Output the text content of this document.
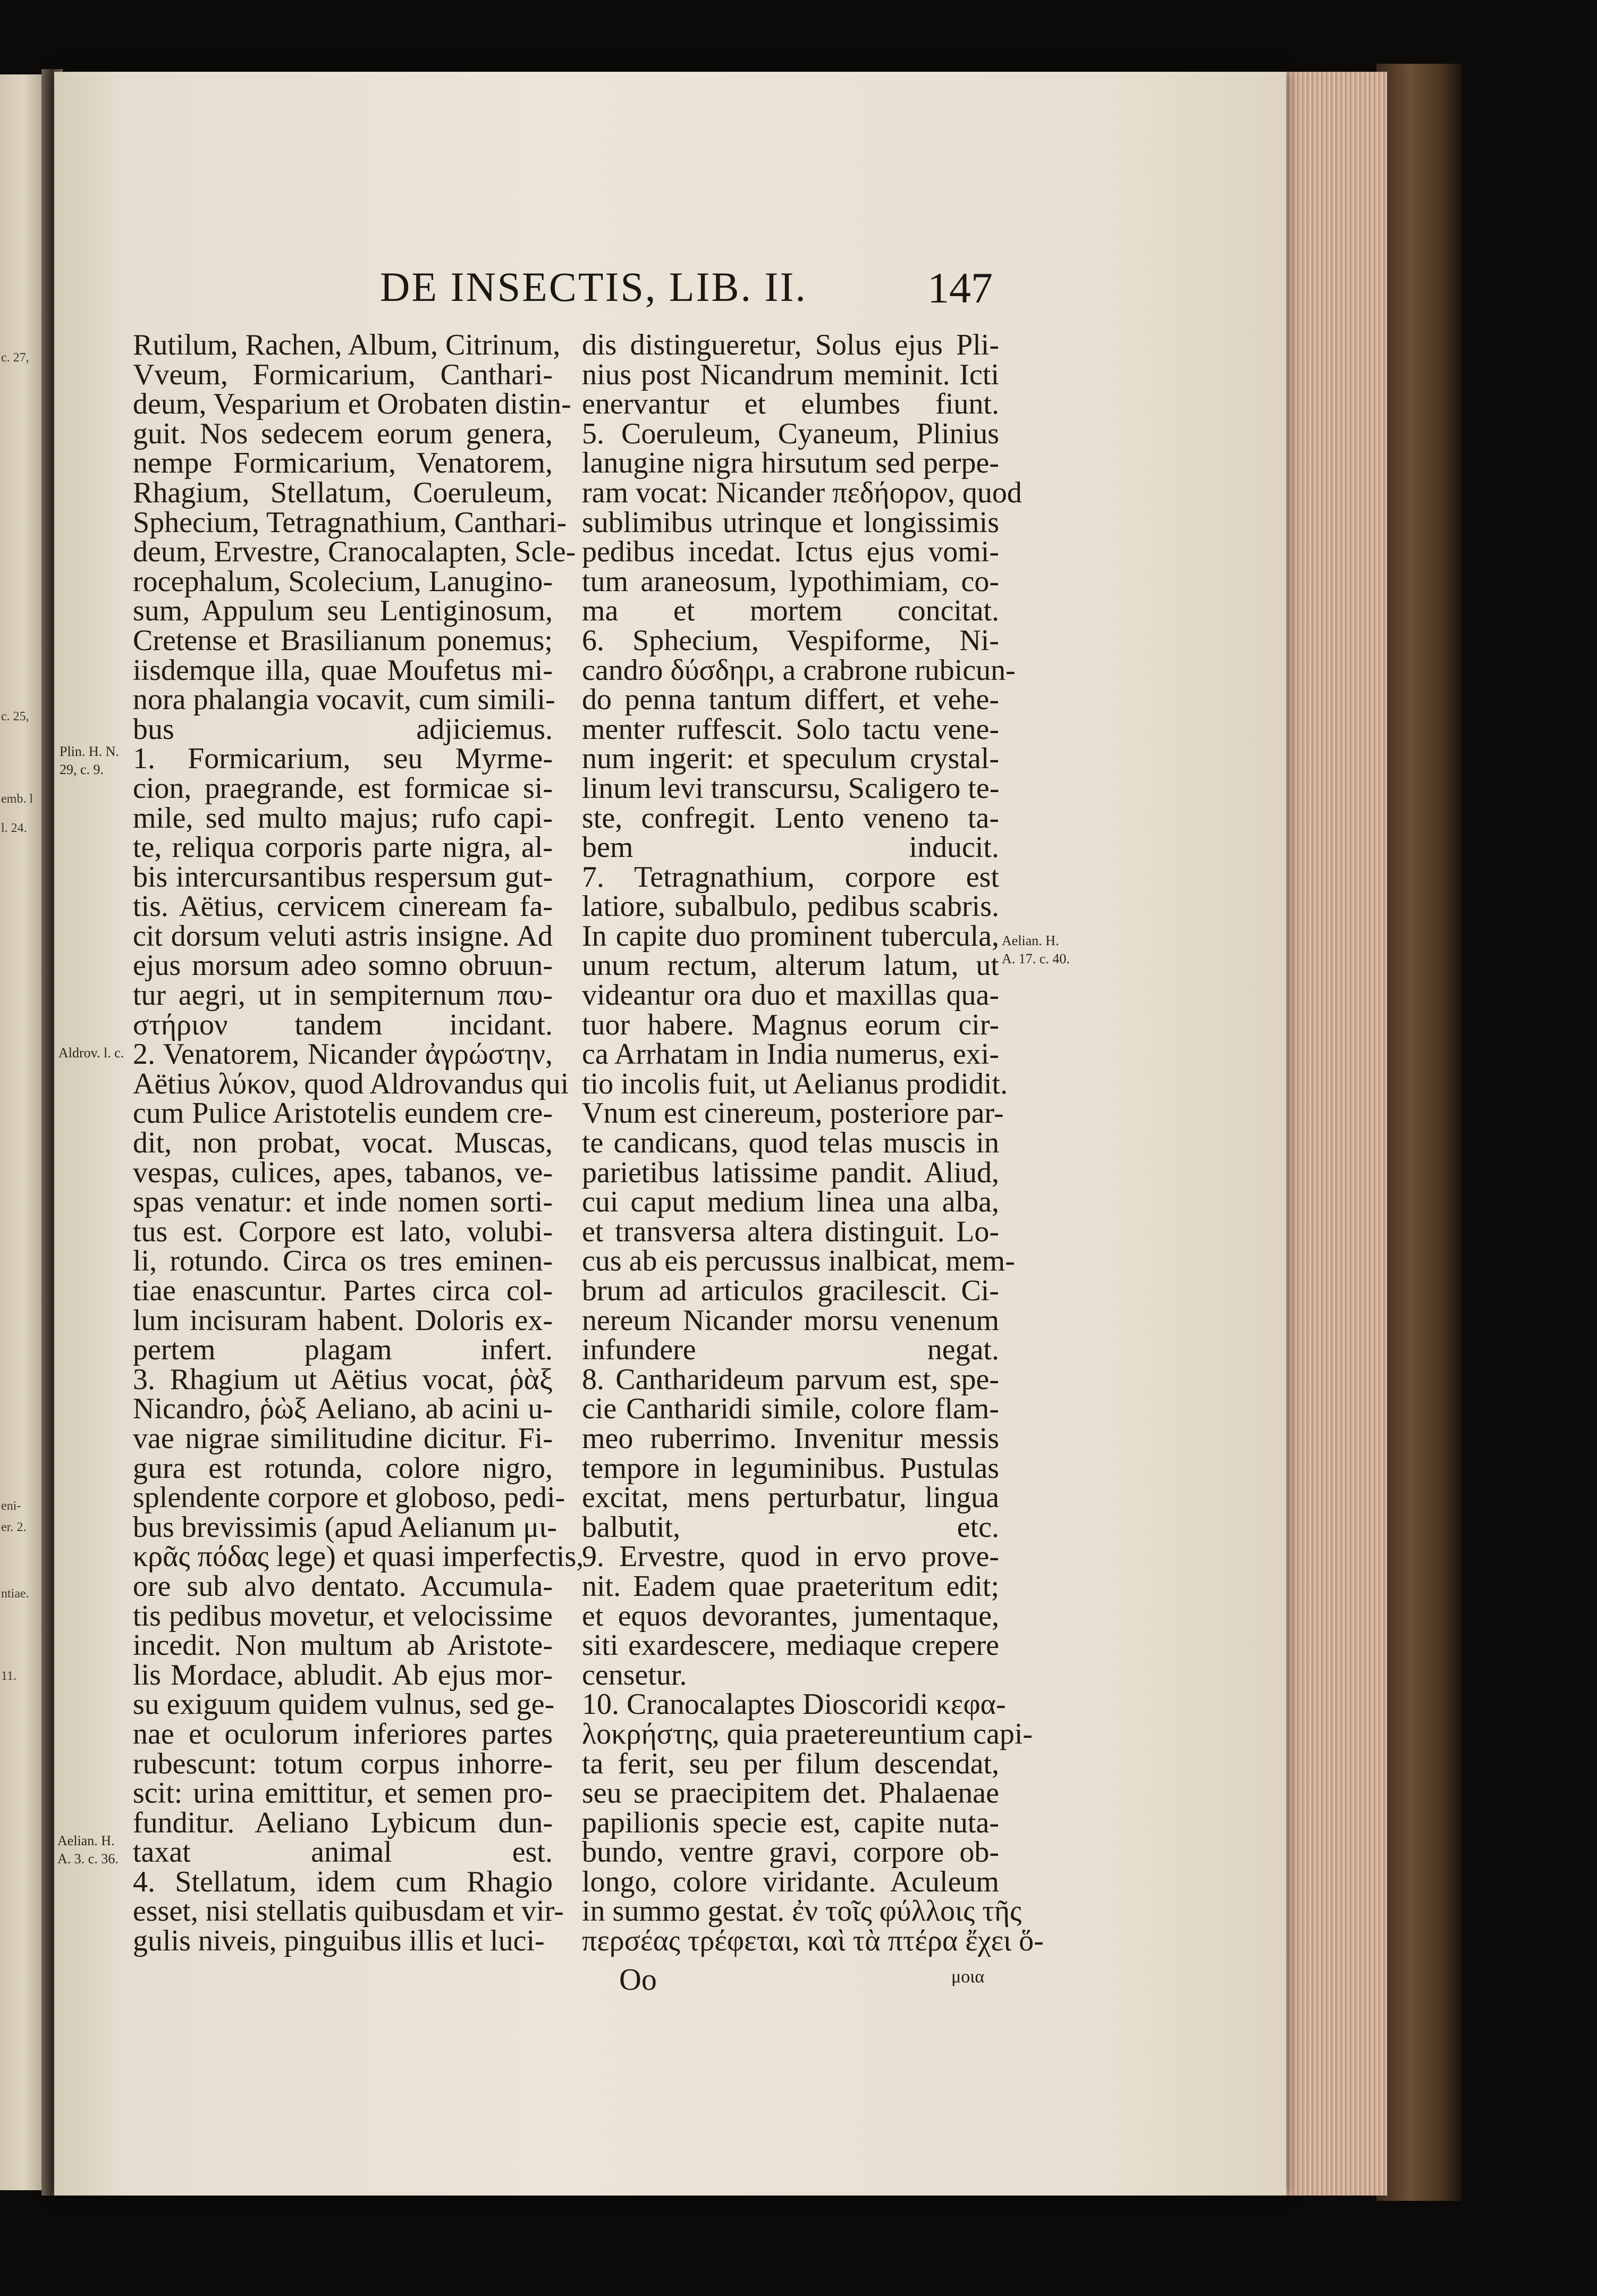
c. 27,
c. 25,
emb. l
l. 24.
eni-
er. 2.
ntiae.
11.
DE INSECTIS, LIB. II.	147
Rutilum, Rachen, Album, Citrinum,
Vveum, Formicarium, Canthari-
deum, Vesparium et Orobaten distin-
guit. Nos sedecem eorum genera,
nempe Formicarium, Venatorem,
Rhagium, Stellatum, Coeruleum,
Sphecium, Tetragnathium, Canthari-
deum, Ervestre, Cranocalapten, Scle-
rocephalum, Scolecium, Lanugino-
sum, Appulum seu Lentiginosum,
Cretense et Brasilianum ponemus;
iisdemque illa, quae Moufetus mi-
nora phalangia vocavit, cum simili-
bus adjiciemus.
1. Formicarium, seu Myrme-
cion, praegrande, est formicae si-
mile, sed multo majus; rufo capi-
te, reliqua corporis parte nigra, al-
bis intercursantibus respersum gut-
tis. Aëtius, cervicem cineream fa-
cit dorsum veluti astris insigne. Ad
ejus morsum adeo somno obruun-
tur aegri, ut in sempiternum παυ-
στήριον tandem incidant.
2. Venatorem, Nicander ἀγρώστην,
Aëtius λύκον, quod Aldrovandus qui
cum Pulice Aristotelis eundem cre-
dit, non probat, vocat. Muscas,
vespas, culices, apes, tabanos, ve-
spas venatur: et inde nomen sorti-
tus est. Corpore est lato, volubi-
li, rotundo. Circa os tres eminen-
tiae enascuntur. Partes circa col-
lum incisuram habent. Doloris ex-
pertem plagam infert.
3. Rhagium ut Aëtius vocat, ῥὰξ
Nicandro, ῥὼξ Aeliano, ab acini u-
vae nigrae similitudine dicitur. Fi-
gura est rotunda, colore nigro,
splendente corpore et globoso, pedi-
bus brevissimis (apud Aelianum μι-
κρᾶς πόδας lege) et quasi imperfectis,
ore sub alvo dentato. Accumula-
tis pedibus movetur, et velocissime
incedit. Non multum ab Aristote-
lis Mordace, abludit. Ab ejus mor-
su exiguum quidem vulnus, sed ge-
nae et oculorum inferiores partes
rubescunt: totum corpus inhorre-
scit: urina emittitur, et semen pro-
funditur. Aeliano Lybicum dun-
taxat animal est.
4. Stellatum, idem cum Rhagio
esset, nisi stellatis quibusdam et vir-
gulis niveis, pinguibus illis et luci-
dis distingueretur, Solus ejus Pli-
nius post Nicandrum meminit. Icti
enervantur et elumbes fiunt.
5. Coeruleum, Cyaneum, Plinius
lanugine nigra hirsutum sed perpe-
ram vocat: Nicander πεδήορον, quod
sublimibus utrinque et longissimis
pedibus incedat. Ictus ejus vomi-
tum araneosum, lypothimiam, co-
ma et mortem concitat.
6. Sphecium, Vespiforme, Ni-
candro δύσδηρι, a crabrone rubicun-
do penna tantum differt, et vehe-
menter ruffescit. Solo tactu vene-
num ingerit: et speculum crystal-
linum levi transcursu, Scaligero te-
ste, confregit. Lento veneno ta-
bem inducit.
7. Tetragnathium, corpore est
latiore, subalbulo, pedibus scabris.
In capite duo prominent tubercula,
unum rectum, alterum latum, ut
videantur ora duo et maxillas qua-
tuor habere. Magnus eorum cir-
ca Arrhatam in India numerus, exi-
tio incolis fuit, ut Aelianus prodidit.
Vnum est cinereum, posteriore par-
te candicans, quod telas muscis in
parietibus latissime pandit. Aliud,
cui caput medium linea una alba,
et transversa altera distinguit. Lo-
cus ab eis percussus inalbicat, mem-
brum ad articulos gracilescit. Ci-
nereum Nicander morsu venenum
infundere negat.
8. Cantharideum parvum est, spe-
cie Cantharidi simile, colore flam-
meo ruberrimo. Invenitur messis
tempore in leguminibus. Pustulas
excitat, mens perturbatur, lingua
balbutit, etc.
9. Ervestre, quod in ervo prove-
nit. Eadem quae praeteritum edit;
et equos devorantes, jumentaque,
siti exardescere, mediaque crepere
censetur.
10. Cranocalaptes Dioscoridi κεφα-
λοκρήστης, quia praetereuntium capi-
ta ferit, seu per filum descendat,
seu se praecipitem det. Phalaenae
papilionis specie est, capite nuta-
bundo, ventre gravi, corpore ob-
longo, colore viridante. Aculeum
in summo gestat. ἐν τοῖς φύλλοις τῆς
περσέας τρέφεται, καὶ τὰ πτέρα ἔχει ὅ-
Plin. H. N.
29, c. 9.
Aldrov. l. c.
Aelian. H.
A. 3. c. 36.
Aelian. H.
A. 17. c. 40.
Oo	μοια
